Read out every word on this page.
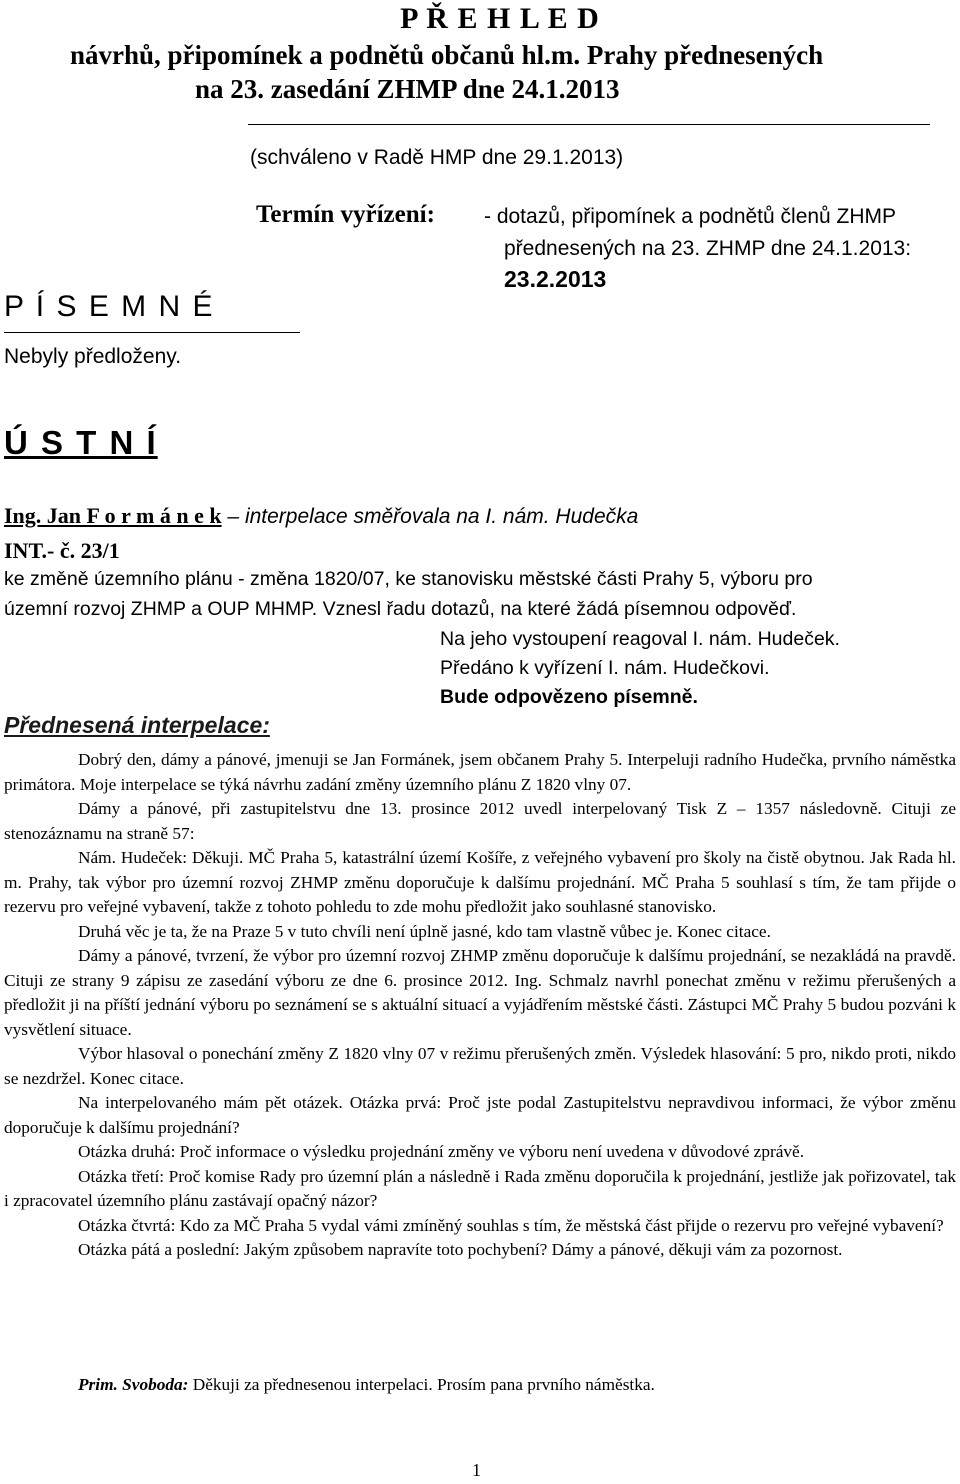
P Ř E H L E D
návrhů, připomínek a podnětů občanů hl.m. Prahy přednesených
na 23. zasedání ZHMP dne 24.1.2013
(schváleno v Radě HMP dne 29.1.2013)
Termín vyřízení: - dotazů, připomínek a podnětů členů ZHMP
přednesených na 23. ZHMP dne 24.1.2013:
23.2.2013
P Í S E M N É
Nebyly předloženy.
Ú S T N Í
Ing. Jan F o r m á n e k – interpelace směřovala na I. nám. Hudečka
INT.- č. 23/1
ke změně územního plánu - změna 1820/07, ke stanovisku městské části Prahy 5, výboru pro
územní rozvoj ZHMP a OUP MHMP. Vznesl řadu dotazů, na které žádá písemnou odpověď.
Na jeho vystoupení reagoval I. nám. Hudeček.
Předáno k vyřízení I. nám. Hudečkovi.
Bude odpovězeno písemně.
Přednesená interpelace:

Dobrý den, dámy a pánové, jmenuji se Jan Formánek, jsem občanem Prahy 5. Interpeluji radního Hudečka, prvního náměstka primátora. Moje interpelace se týká návrhu zadání změny územního plánu Z 1820 vlny 07.

Dámy a pánové, při zastupitelstvu dne 13. prosince 2012 uvedl interpelovaný Tisk Z – 1357 následovně. Cituji ze stenozáznamu na straně 57:

Nám. Hudeček: Děkuji. MČ Praha 5, katastrální území Košíře, z veřejného vybavení pro školy na čistě obytnou. Jak Rada hl. m. Prahy, tak výbor pro územní rozvoj ZHMP změnu doporučuje k dalšímu projednání. MČ Praha 5 souhlasí s tím, že tam přijde o rezervu pro veřejné vybavení, takže z tohoto pohledu to zde mohu předložit jako souhlasné stanovisko.

Druhá věc je ta, že na Praze 5 v tuto chvíli není úplně jasné, kdo tam vlastně vůbec je. Konec citace.

Dámy a pánové, tvrzení, že výbor pro územní rozvoj ZHMP změnu doporučuje k dalšímu projednání, se nezakládá na pravdě. Cituji ze strany 9 zápisu ze zasedání výboru ze dne 6. prosince 2012. Ing. Schmalz navrhl ponechat změnu v režimu přerušených a předložit ji na příští jednání výboru po seznámení se s aktuální situací a vyjádřením městské části. Zástupci MČ Prahy 5 budou pozváni k vysvětlení situace.

Výbor hlasoval o ponechání změny Z 1820 vlny 07 v režimu přerušených změn. Výsledek hlasování: 5 pro, nikdo proti, nikdo se nezdržel. Konec citace.

Na interpelovaného mám pět otázek. Otázka prvá: Proč jste podal Zastupitelstvu nepravdivou informaci, že výbor změnu doporučuje k dalšímu projednání?

Otázka druhá: Proč informace o výsledku projednání změny ve výboru není uvedena v důvodové zprávě.

Otázka třetí: Proč komise Rady pro územní plán a následně i Rada změnu doporučila k projednání, jestliže jak pořizovatel, tak i zpracovatel územního plánu zastávají opačný názor?

Otázka čtvrtá: Kdo za MČ Praha 5 vydal vámi zmíněný souhlas s tím, že městská část přijde o rezervu pro veřejné vybavení?

Otázka pátá a poslední: Jakým způsobem napravíte toto pochybení? Dámy a pánové, děkuji vám za pozornost.

Prim. Svoboda: Děkuji za přednesenou interpelaci. Prosím pana prvního náměstka.
1
